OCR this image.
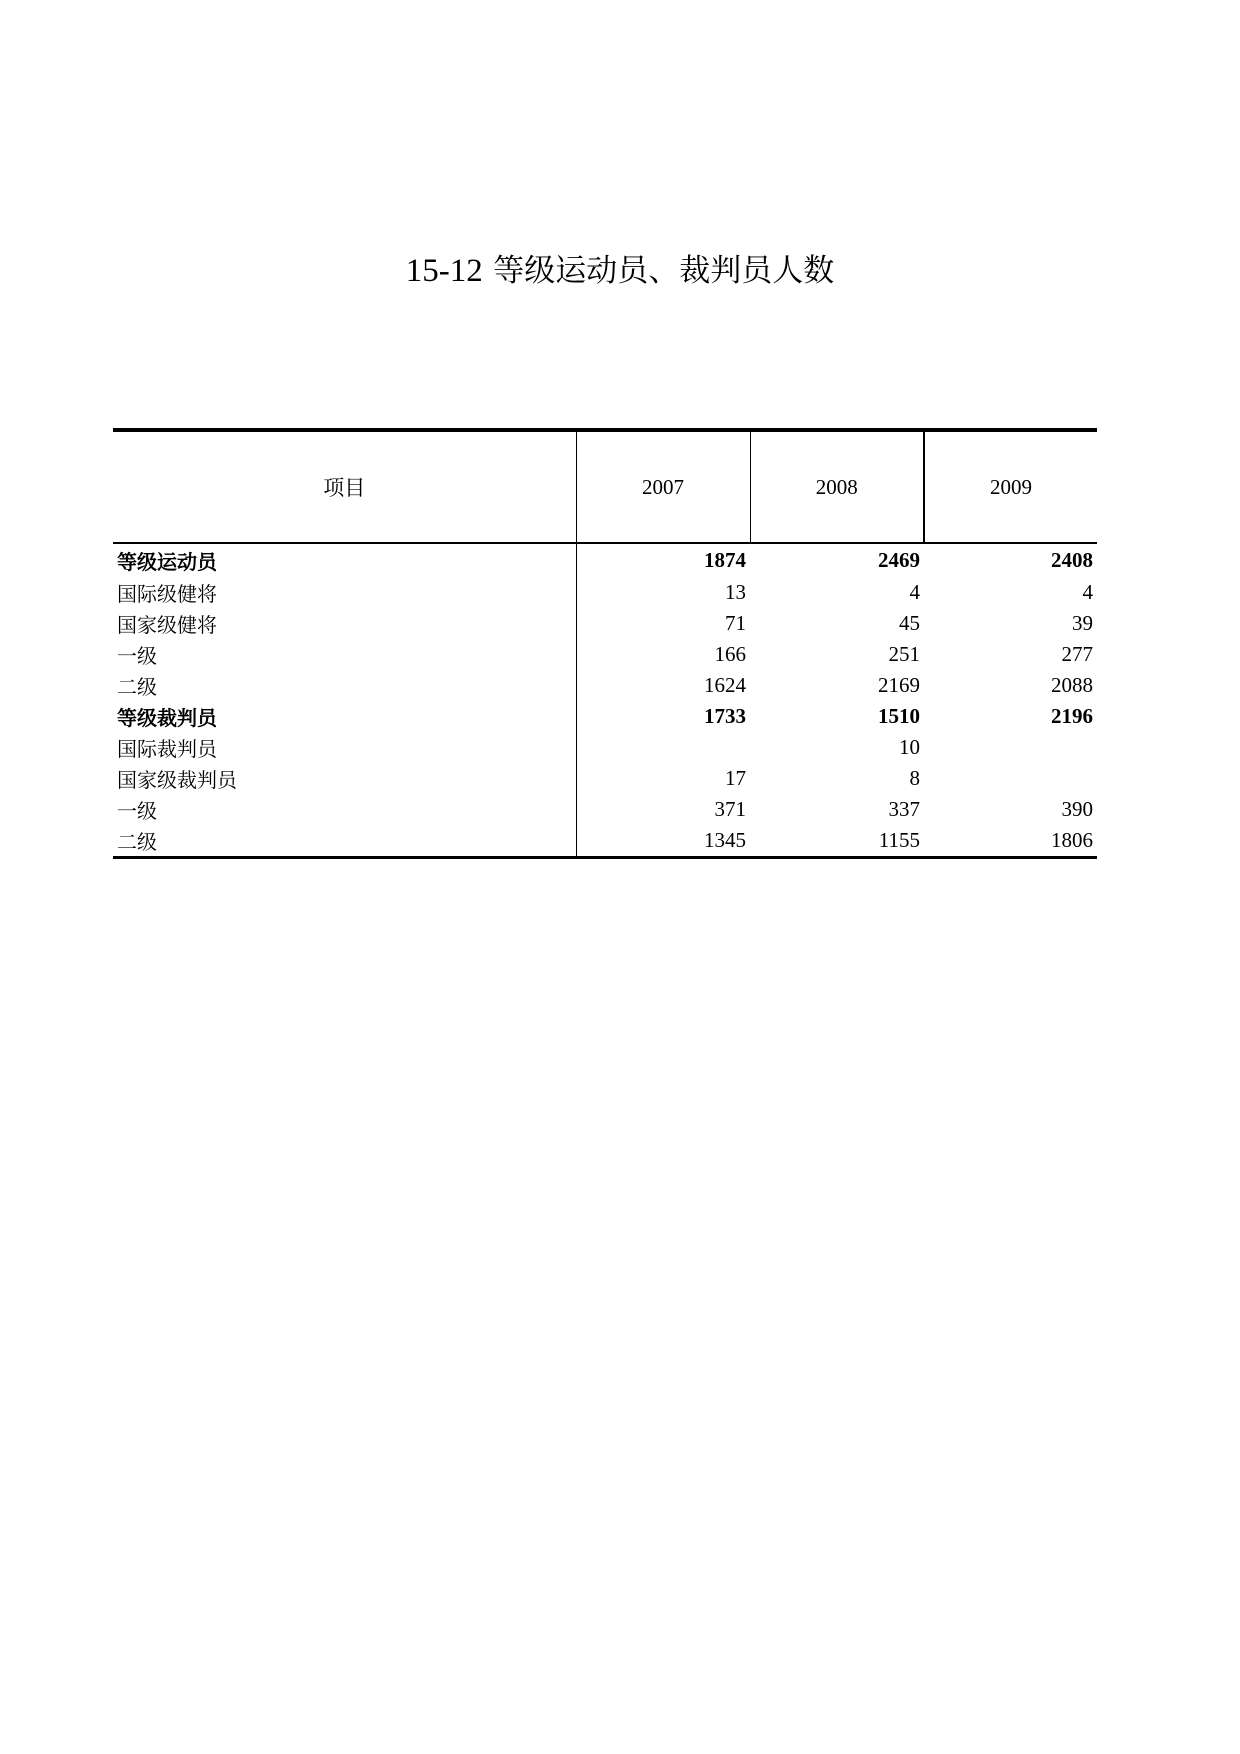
15-12 等级运动员、裁判员人数
项目	2007	2008	2009
等级运动员	1874	2469	2408
国际级健将	13	4	4
国家级健将	71	45	39
一级	166	251	277
二级	1624	2169	2088
等级裁判员	1733	1510	2196
国际裁判员		10	
国家级裁判员	17	8	
一级	371	337	390
二级	1345	1155	1806
